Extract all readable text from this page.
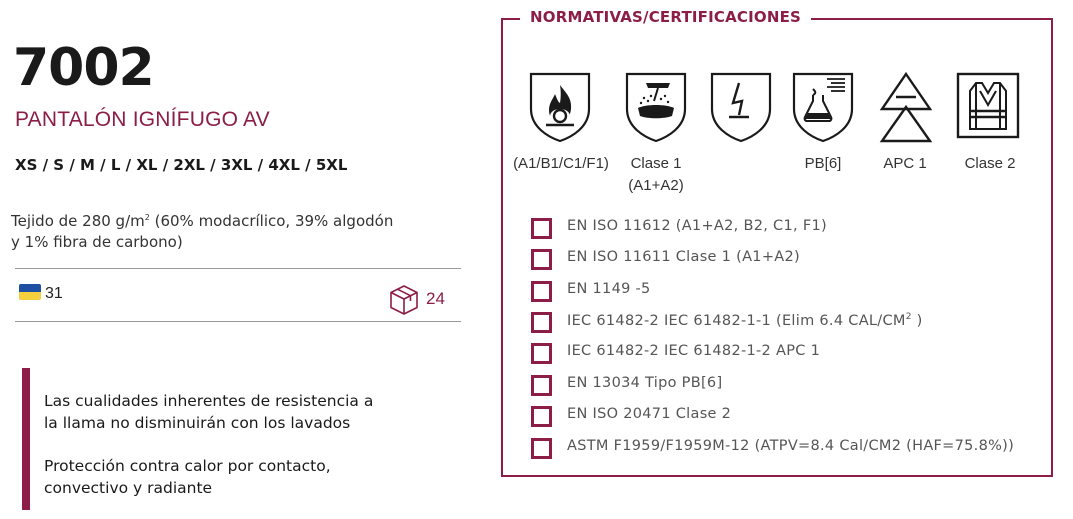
7002
PANTALÓN IGNÍFUGO AV
XS / S / M / L / XL / 2XL / 3XL / 4XL / 5XL
Tejido de 280 $g/m^2$ (60% modacrílico, 39% algodón
y 1% fibra de carbono)
31	24
Las cualidades inherentes de resistencia a
la llama no disminuirán con los lavados
Protección contra calor por contacto,
convectivo y radiante
NORMATIVAS/CERTIFICACIONES
(A1/B1/C1/F1)	Clase 1
(A1+A2)
PB[6]	APC 1	Clase 2
EN ISO 11612 (A1+A2, B2, C1, F1)
EN ISO 11611 Clase 1 (A1+A2)
EN 1149 -5
IEC 61482-2 IEC 61482-1-1 (Elim 6.4 CAL/$CM^2$ )
IEC 61482-2 IEC 61482-1-2 APC 1
EN 13034 Tipo PB[6]
EN ISO 20471 Clase 2
ASTM F1959/F1959M-12 (ATPV=8.4 Cal/CM2 (HAF=75.8%))
